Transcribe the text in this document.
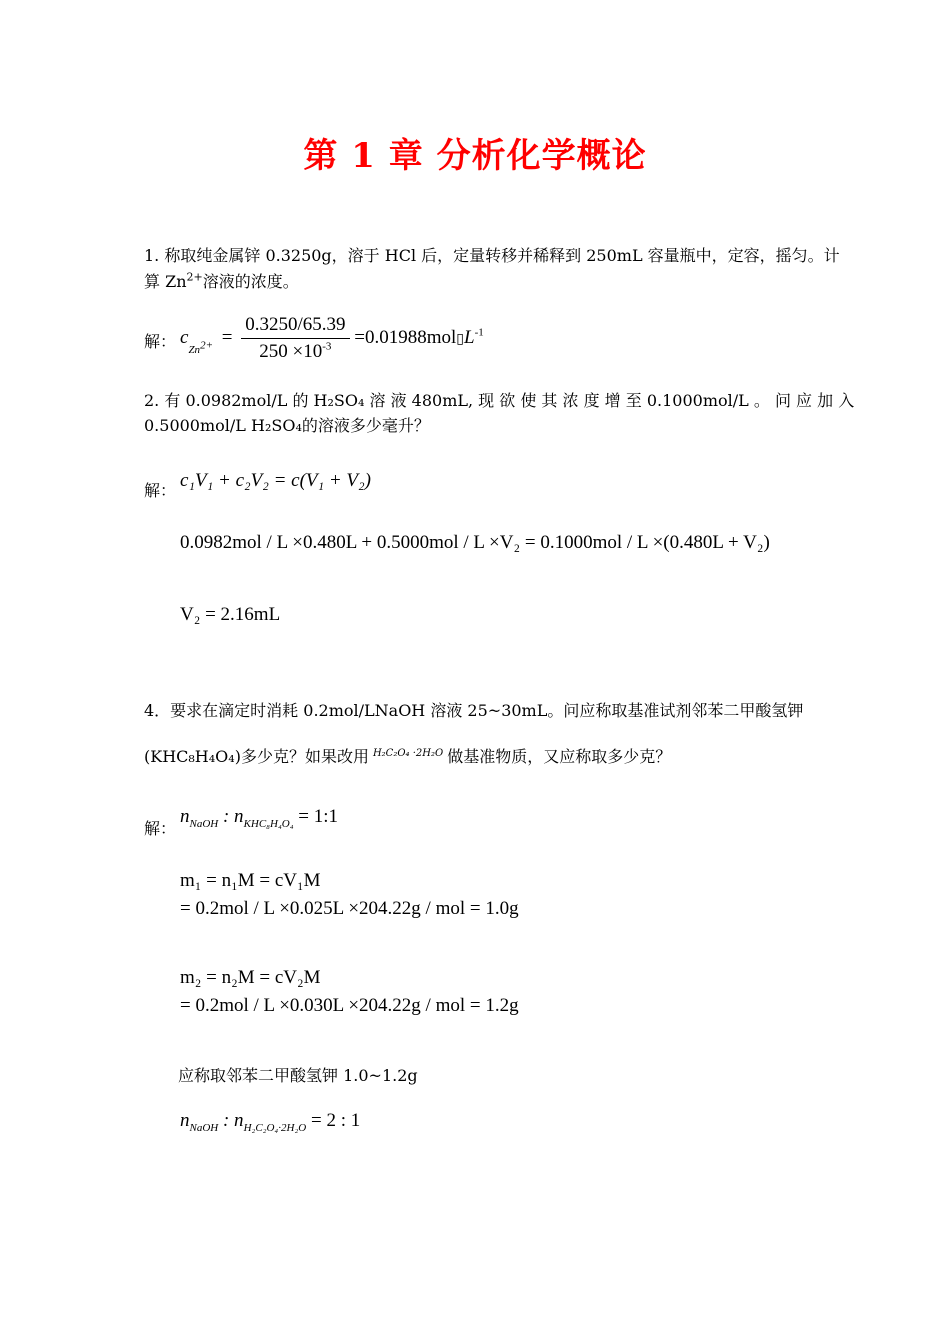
第 1 章 分析化学概论
1. 称取纯金属锌 0.3250g，溶于 HCl 后，定量转移并稀释到 250mL 容量瓶中，定容，摇匀。计
算 $Zn^{2+}$溶液的浓度。
解： $c_{Zn^{2+}} = \frac{0.3250/65.39}{250 \times 10^{-3}}$ $=0.01988mol▯L^{-1}$
2. 有 0.0982mol/L 的 H₂SO₄ 溶 液 480mL, 现 欲 使 其 浓 度 增 至 0.1000mol/L 。 问 应 加 入
0.5000mol/L H₂SO₄的溶液多少毫升？
解： c₁V₁ + c₂V₂ = c(V₁ + V₂)
0.0982mol / L ×0.480L + 0.5000mol / L ×V₂ = 0.1000mol / L ×(0.480L + V₂)
V₂ = 2.16mL
4．要求在滴定时消耗 0.2mol/LNaOH 溶液 25~30mL。问应称取基准试剂邻苯二甲酸氢钾
(KHC₈H₄O₄)多少克？如果改用 $^{H_2C_2O_4 \cdot 2H_2O}$ 做基准物质，又应称取多少克？
解：
$n_{NaOH}$ : $n_{KHC_8H_4O_4}$ = 1:1
m₁ = n₁M = cV₁M
= 0.2mol / L ×0.025L ×204.22g / mol = 1.0g
m₂ = n₂M = cV₂M
= 0.2mol / L ×0.030L ×204.22g / mol = 1.2g
应称取邻苯二甲酸氢钾 1.0~1.2g
$n_{NaOH}$ : $n_{H_2C_2O_4\cdot 2H_2O} = 2$ : 1
